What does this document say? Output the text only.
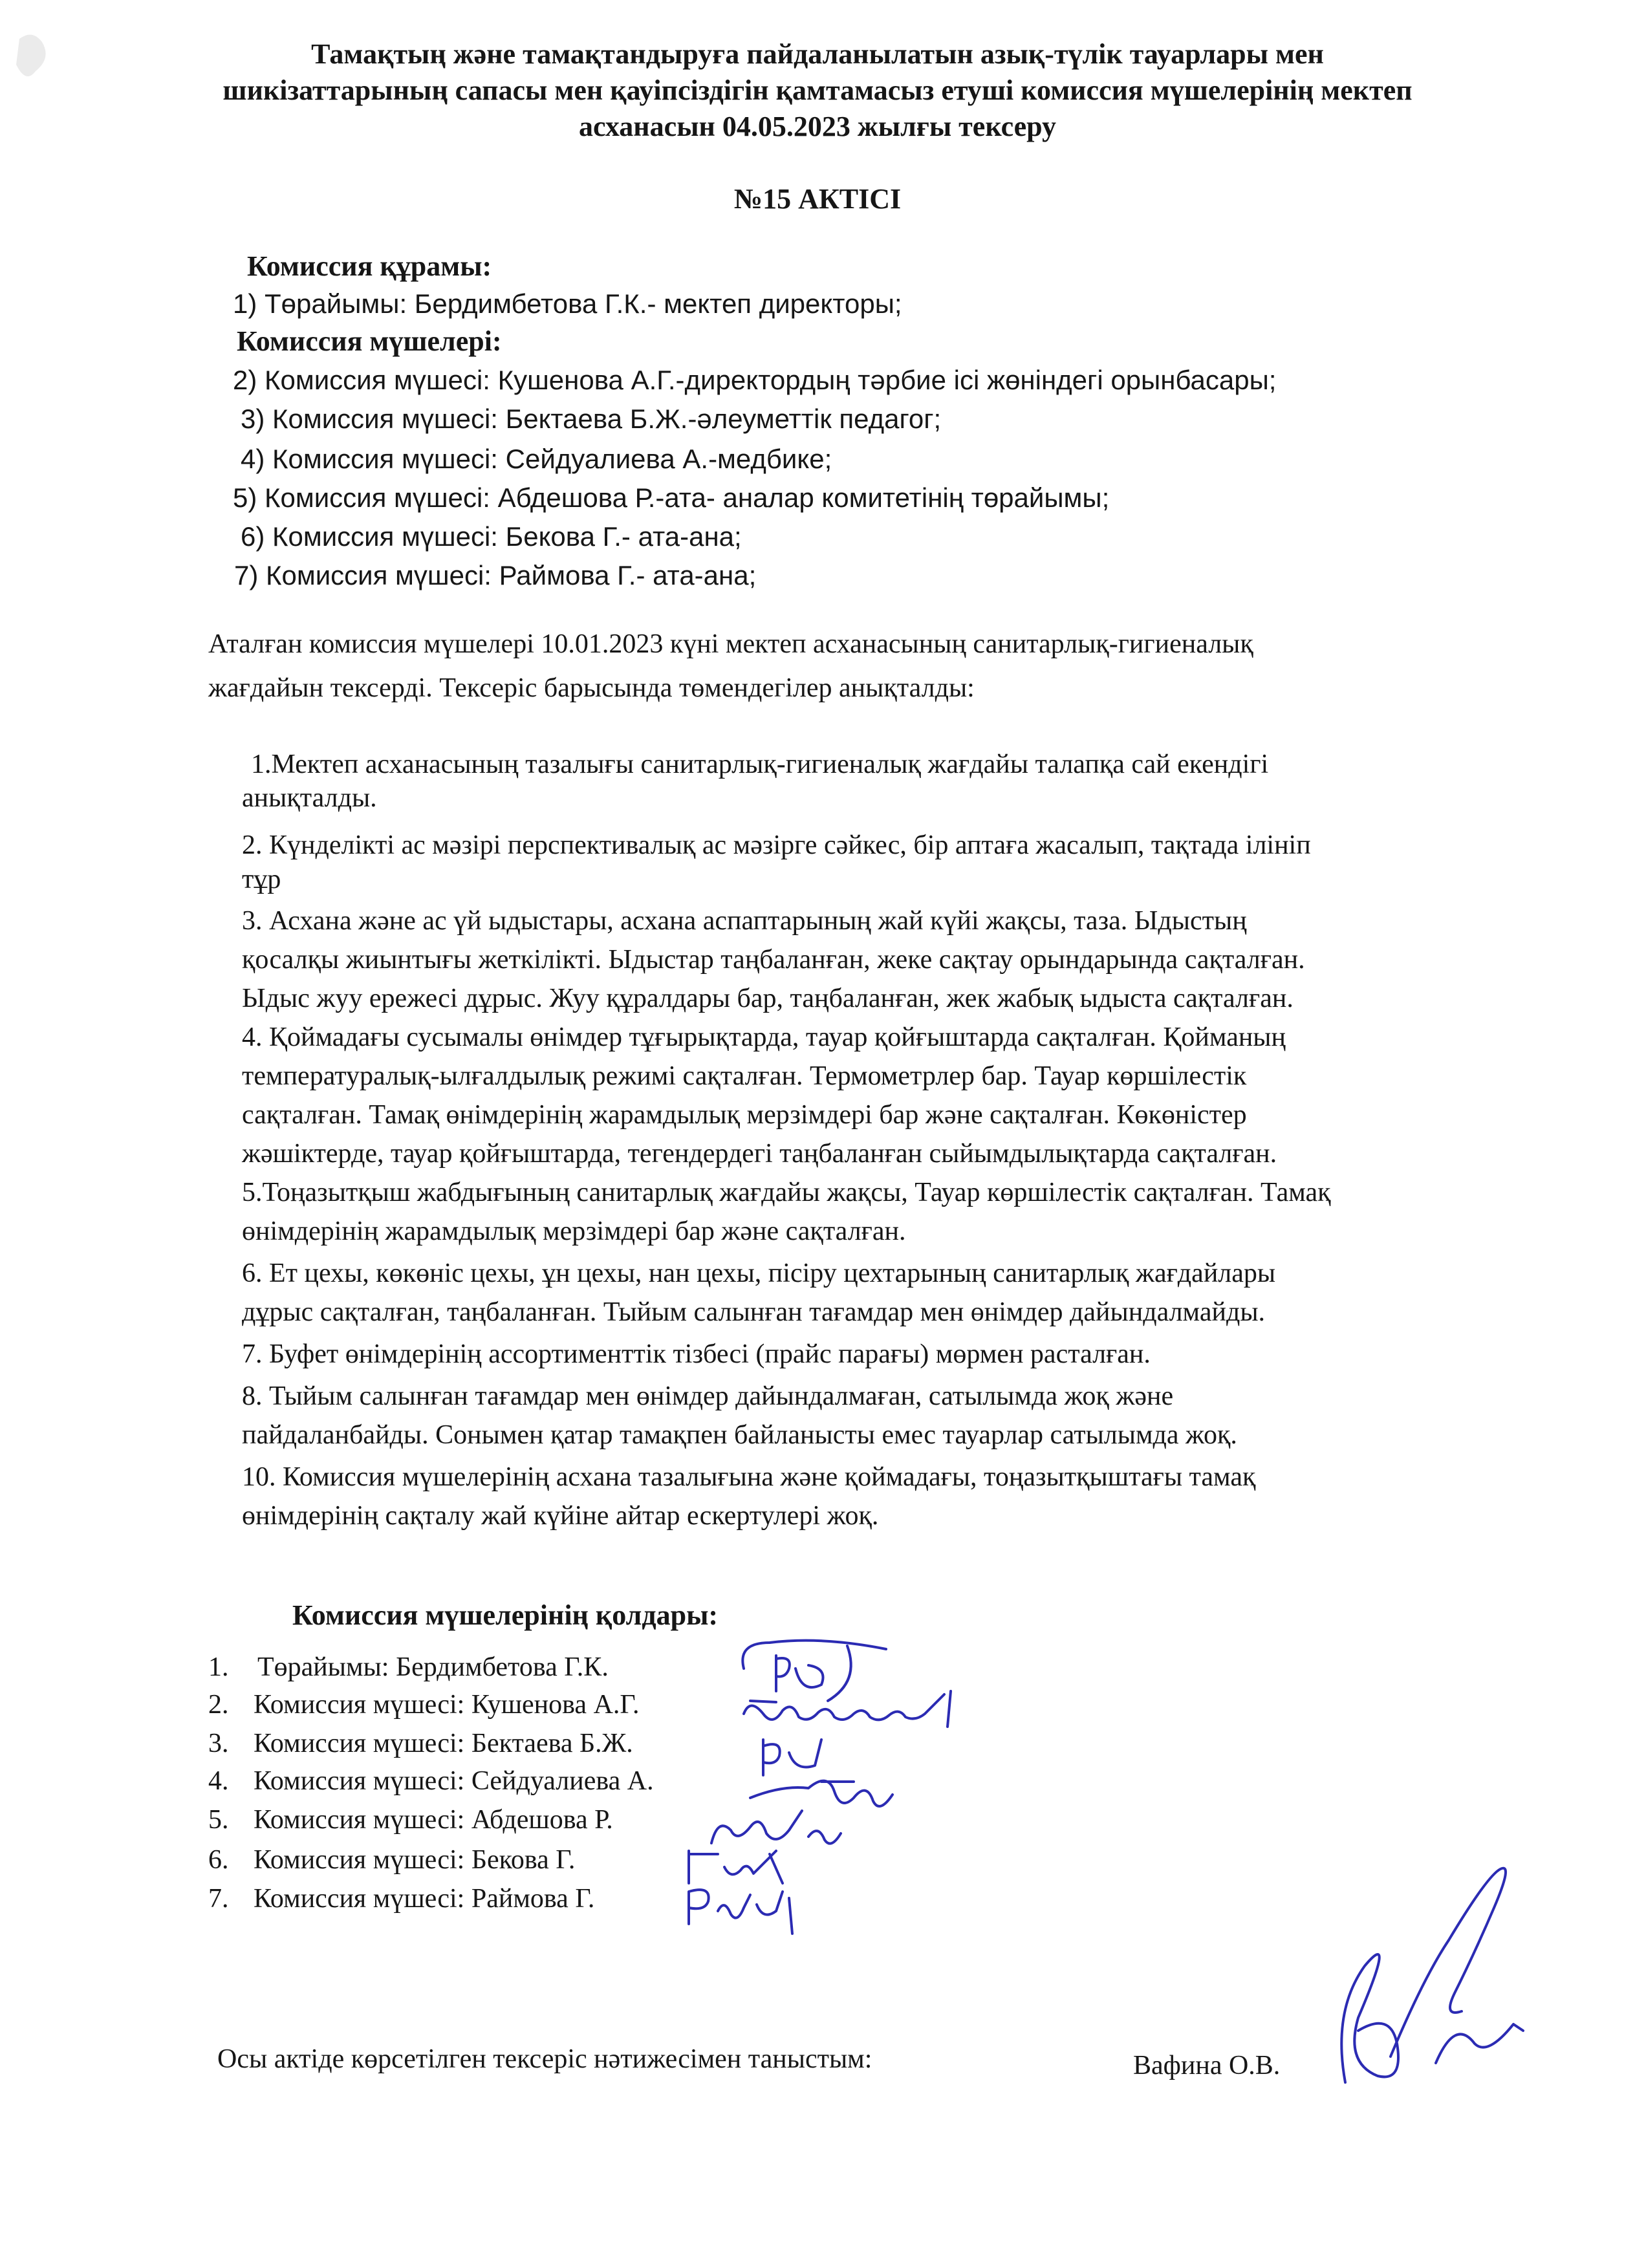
Тамақтың және тамақтандыруға пайдаланылатын азық-түлік тауарлары мен
шикізаттарының сапасы мен қауіпсіздігін қамтамасыз етуші комиссия мүшелерінің мектеп
асханасын 04.05.2023 жылғы тексеру
№15 АКТІСІ
Комиссия құрамы:
1) Төрайымы: Бердимбетова Г.К.- мектеп директоры;
Комиссия мүшелері:
2) Комиссия мүшесі: Кушенова А.Г.-директордың тәрбие ісі жөніндегі орынбасары;
3) Комиссия мүшесі: Бектаева Б.Ж.-әлеуметтік педагог;
4) Комиссия мүшесі: Сейдуалиева А.-медбике;
5) Комиссия мүшесі: Абдешова Р.-ата- аналар комитетінің төрайымы;
6) Комиссия мүшесі: Бекова Г.- ата-ана;
7) Комиссия мүшесі: Раймова Г.- ата-ана;
Аталған комиссия мүшелері 10.01.2023 күні мектеп асханасының санитарлық-гигиеналық
жағдайын тексерді. Тексеріс барысында төмендегілер анықталды:
1.Мектеп асханасының тазалығы санитарлық-гигиеналық жағдайы талапқа сай екендігі
анықталды.
2. Күнделікті ас мәзірі перспективалық ас мәзірге сәйкес, бір аптаға жасалып, тақтада ілініп
тұр
3. Асхана және ас үй ыдыстары, асхана аспаптарының жай күйі жақсы, таза. Ыдыстың
қосалқы жиынтығы жеткілікті. Ыдыстар таңбаланған, жеке сақтау орындарында сақталған.
Ыдыс жуу ережесі дұрыс. Жуу құралдары бар, таңбаланған, жек жабық ыдыста сақталған.
4. Қоймадағы сусымалы өнімдер тұғырықтарда, тауар қойғыштарда сақталған. Қойманың
температуралық-ылғалдылық режимі сақталған. Термометрлер бар. Тауар көршілестік
сақталған. Тамақ өнімдерінің жарамдылық мерзімдері бар және сақталған. Көкөністер
жәшіктерде, тауар қойғыштарда, тегендердегі таңбаланған сыйымдылықтарда сақталған.
5.Тоңазытқыш жабдығының санитарлық жағдайы жақсы, Тауар көршілестік сақталған. Тамақ
өнімдерінің жарамдылық мерзімдері бар және сақталған.
6. Ет цехы, көкөніс цехы, ұн цехы, нан цехы, пісіру цехтарының санитарлық жағдайлары
дұрыс сақталған, таңбаланған. Тыйым салынған тағамдар мен өнімдер дайындалмайды.
7. Буфет өнімдерінің ассортименттік тізбесі (прайс парағы) мөрмен расталған.
8. Тыйым салынған тағамдар мен өнімдер дайындалмаған, сатылымда жоқ және
пайдаланбайды. Сонымен қатар тамақпен байланысты емес тауарлар сатылымда жоқ.
10. Комиссия мүшелерінің асхана тазалығына және қоймадағы, тоңазытқыштағы тамақ
өнімдерінің сақталу жай күйіне айтар ескертулері жоқ.
Комиссия мүшелерінің қолдары:
1. Төрайымы: Бердимбетова Г.К.
2. Комиссия мүшесі: Кушенова А.Г.
3. Комиссия мүшесі: Бектаева Б.Ж.
4. Комиссия мүшесі: Сейдуалиева А.
5. Комиссия мүшесі: Абдешова Р.
6. Комиссия мүшесі: Бекова Г.
7. Комиссия мүшесі: Раймова Г.
Осы актіде көрсетілген тексеріс нәтижесімен таныстым:	Вафина О.В.
